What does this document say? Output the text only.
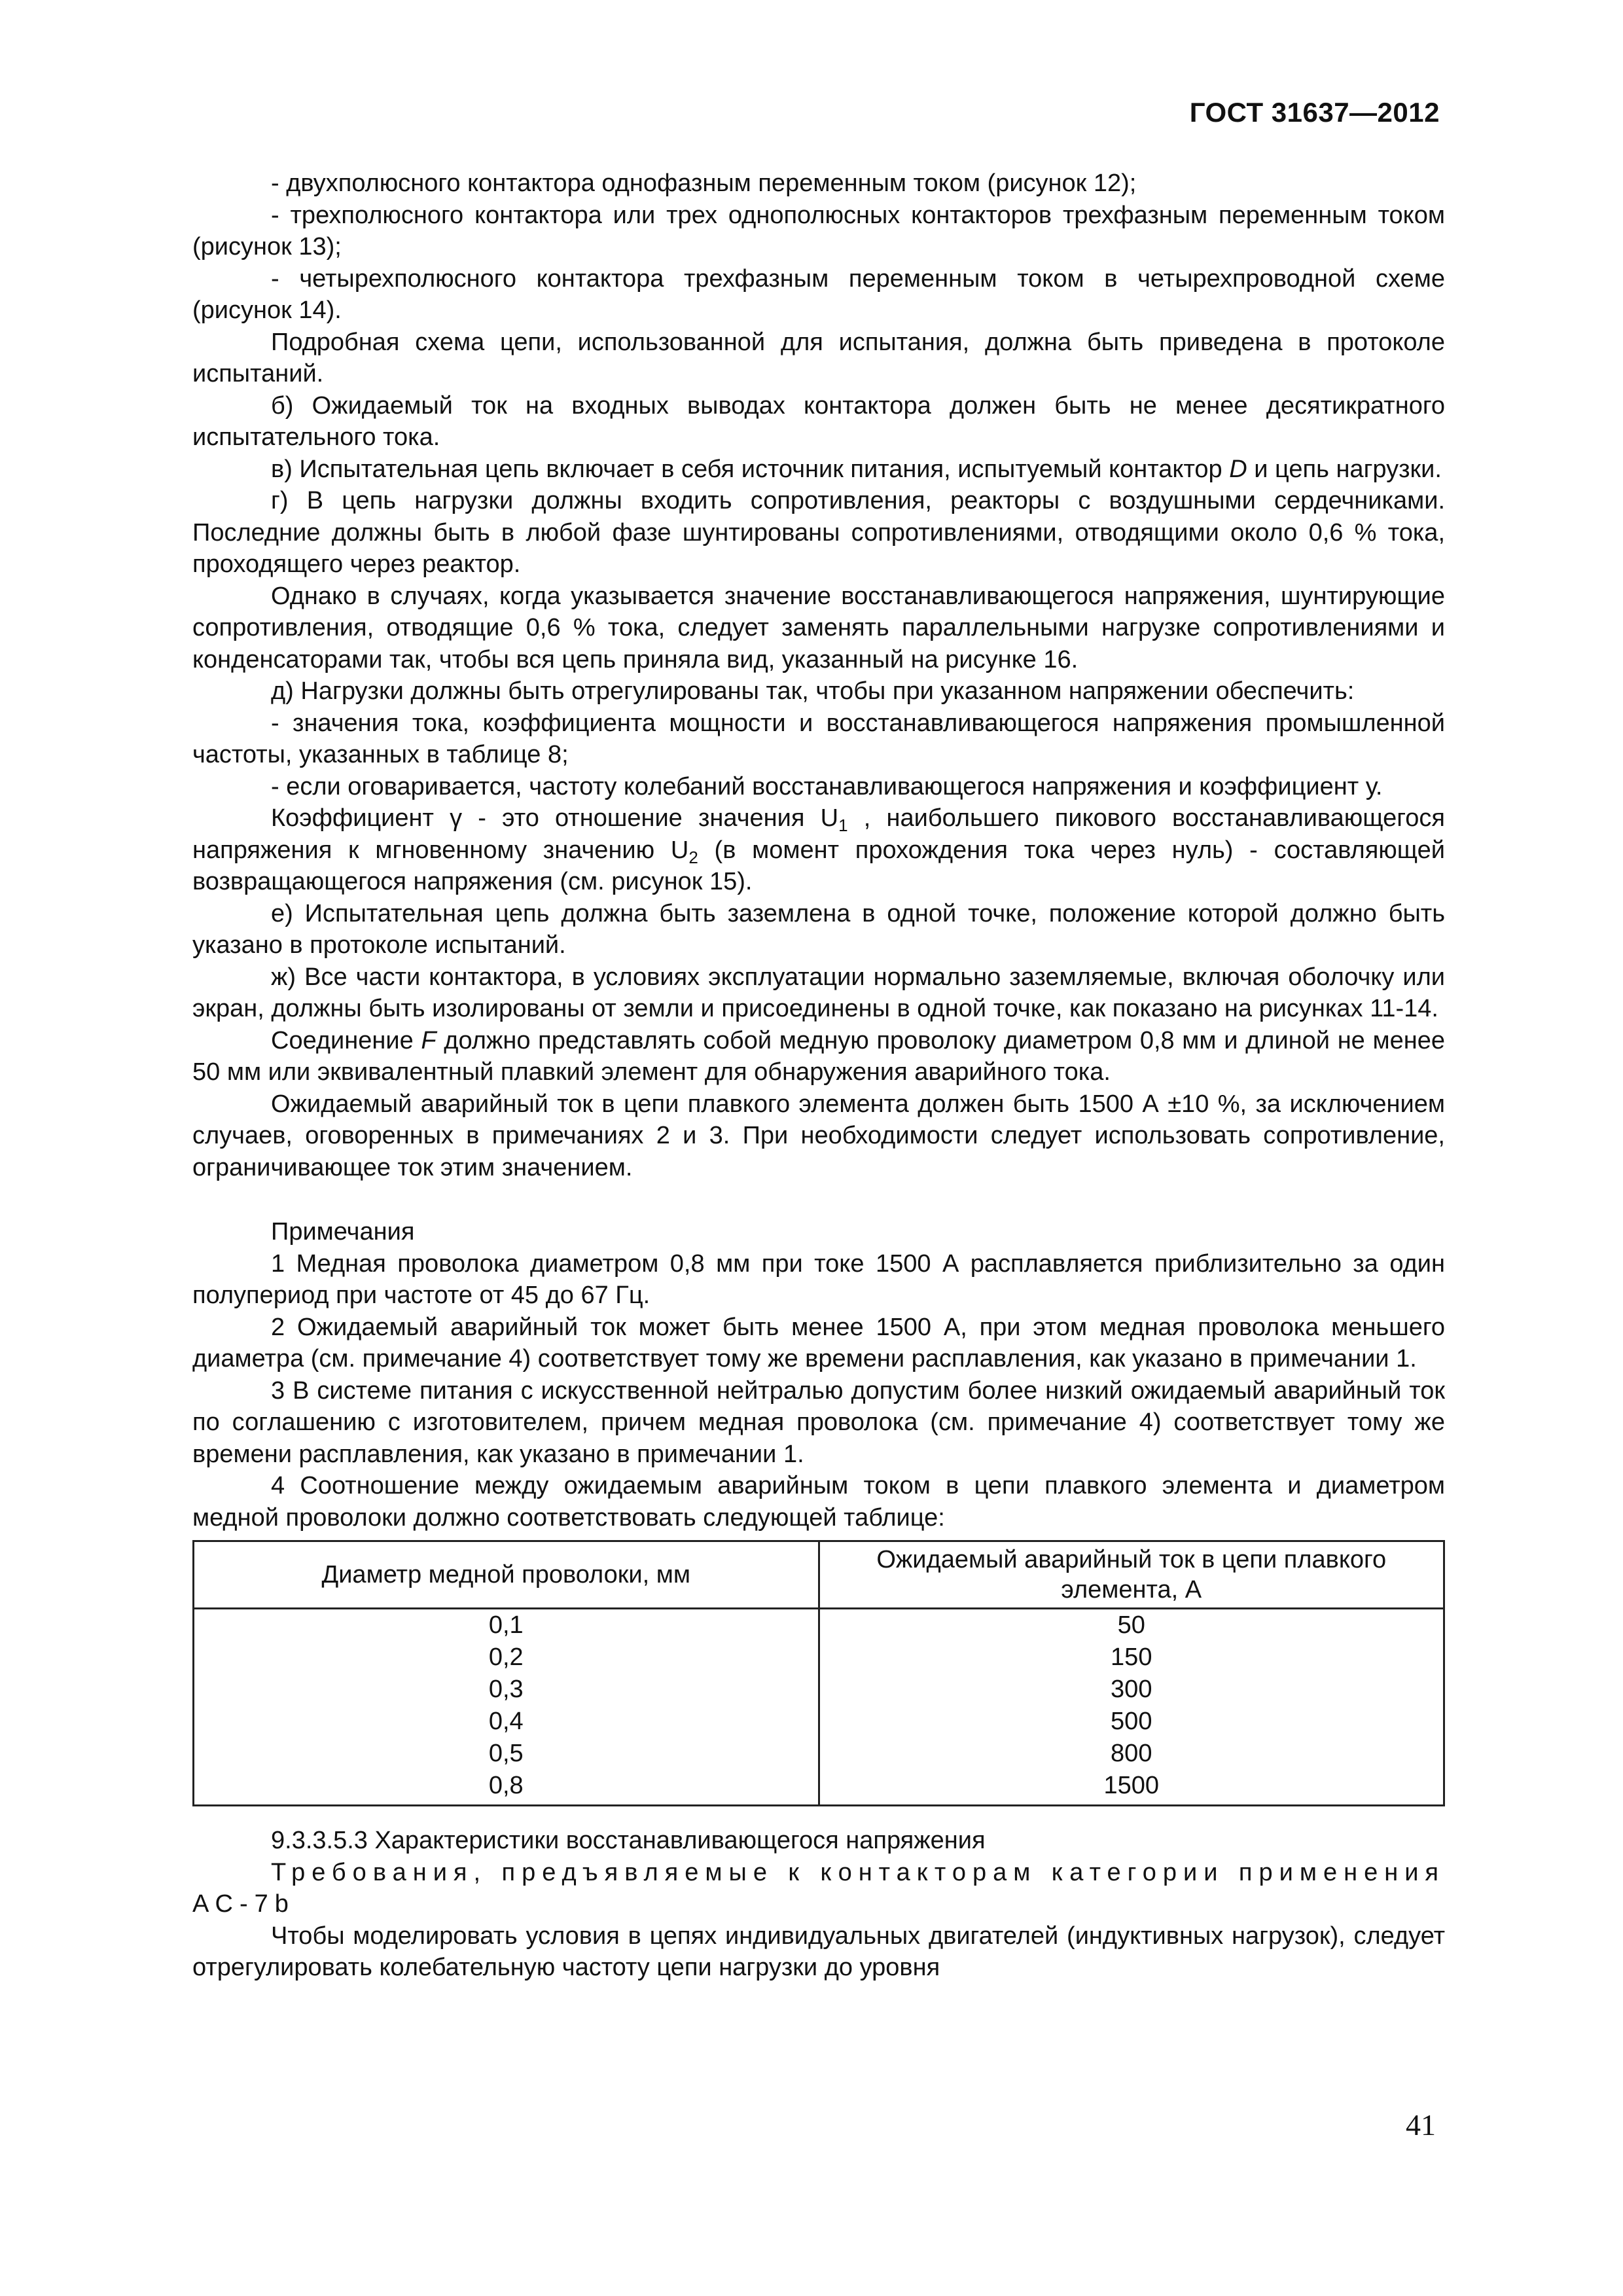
ГОСТ 31637—2012

- двухполюсного контактора однофазным переменным током (рисунок 12);

- трехполюсного контактора или трех однополюсных контакторов трехфазным переменным током (рисунок 13);

- четырехполюсного контактора трехфазным переменным током в четырехпроводной схеме (рисунок 14).

Подробная схема цепи, использованной для испытания, должна быть приведена в протоколе испытаний.

б) Ожидаемый ток на входных выводах контактора должен быть не менее десятикратного испытательного тока.

в) Испытательная цепь включает в себя источник питания, испытуемый контактор D и цепь нагрузки.

г) В цепь нагрузки должны входить сопротивления, реакторы с воздушными сердечниками. Последние должны быть в любой фазе шунтированы сопротивлениями, отводящими около 0,6 % тока, проходящего через реактор.

Однако в случаях, когда указывается значение восстанавливающегося напряжения, шунтирующие сопротивления, отводящие 0,6 % тока, следует заменять параллельными нагрузке сопротивлениями и конденсаторами так, чтобы вся цепь приняла вид, указанный на рисунке 16.

д) Нагрузки должны быть отрегулированы так, чтобы при указанном напряжении обеспечить:

- значения тока, коэффициента мощности и восстанавливающегося напряжения промышленной частоты, указанных в таблице 8;

- если оговаривается, частоту колебаний восстанавливающегося напряжения и коэффициент у.

Коэффициент γ - это отношение значения $U_1$ , наибольшего пикового восстанавливающегося напряжения к мгновенному значению $U_2$ (в момент прохождения тока через нуль) - составляющей возвращающегося напряжения (см. рисунок 15).

е) Испытательная цепь должна быть заземлена в одной точке, положение которой должно быть указано в протоколе испытаний.

ж) Все части контактора, в условиях эксплуатации нормально заземляемые, включая оболочку или экран, должны быть изолированы от земли и присоединены в одной точке, как показано на рисунках 11-14.

Соединение F должно представлять собой медную проволоку диаметром 0,8 мм и длиной не менее 50 мм или эквивалентный плавкий элемент для обнаружения аварийного тока.

Ожидаемый аварийный ток в цепи плавкого элемента должен быть 1500 А ±10 %, за исключением случаев, оговоренных в примечаниях 2 и 3. При необходимости следует использовать сопротивление, ограничивающее ток этим значением.

Примечания

1 Медная проволока диаметром 0,8 мм при токе 1500 А расплавляется приблизительно за один полупериод при частоте от 45 до 67 Гц.

2 Ожидаемый аварийный ток может быть менее 1500 А, при этом медная проволока меньшего диаметра (см. примечание 4) соответствует тому же времени расплавления, как указано в примечании 1.

3 В системе питания с искусственной нейтралью допустим более низкий ожидаемый аварийный ток по соглашению с изготовителем, причем медная проволока (см. примечание 4) соответствует тому же времени расплавления, как указано в примечании 1.

4 Соотношение между ожидаемым аварийным током в цепи плавкого элемента и диаметром медной проволоки должно соответствовать следующей таблице:

Диаметр медной проволоки, мм	Ожидаемый аварийный ток в цепи плавкого элемента, А
0,1	50
0,2	150
0,3	300
0,4	500
0,5	800
0,8	1500

9.3.3.5.3 Характеристики восстанавливающегося напряжения

Требования, предъявляемые к контакторам категории применения АС-7b

Чтобы моделировать условия в цепях индивидуальных двигателей (индуктивных нагрузок), следует отрегулировать колебательную частоту цепи нагрузки до уровня

41
